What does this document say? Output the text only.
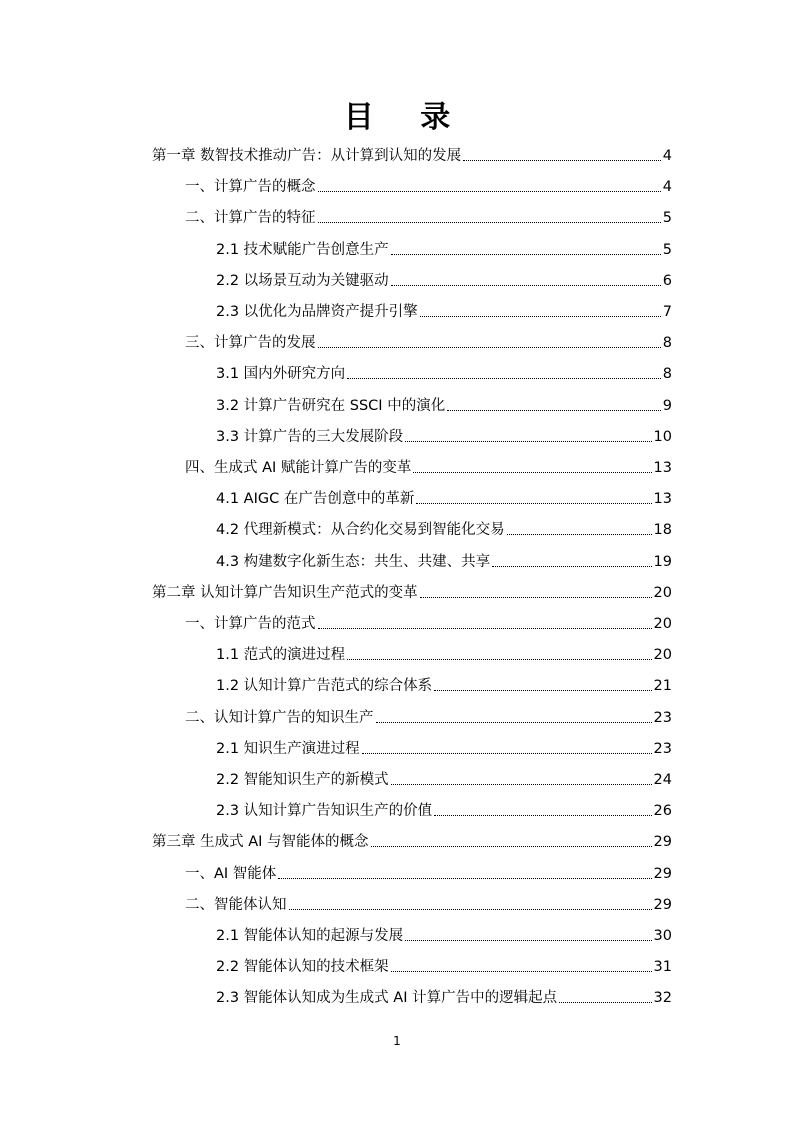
目 录
第一章 数智技术推动广告：从计算到认知的发展	4
一、计算广告的概念	4
二、计算广告的特征	5
2.1 技术赋能广告创意生产	5
2.2 以场景互动为关键驱动	6
2.3 以优化为品牌资产提升引擎	7
三、计算广告的发展	8
3.1 国内外研究方向	8
3.2 计算广告研究在 SSCI 中的演化	9
3.3 计算广告的三大发展阶段	10
四、生成式 AI 赋能计算广告的变革	13
4.1 AIGC 在广告创意中的革新	13
4.2 代理新模式：从合约化交易到智能化交易	18
4.3 构建数字化新生态：共生、共建、共享	19
第二章 认知计算广告知识生产范式的变革	20
一、计算广告的范式	20
1.1 范式的演进过程	20
1.2 认知计算广告范式的综合体系	21
二、认知计算广告的知识生产	23
2.1 知识生产演进过程	23
2.2 智能知识生产的新模式	24
2.3 认知计算广告知识生产的价值	26
第三章 生成式 AI 与智能体的概念	29
一、AI 智能体	29
二、智能体认知	29
2.1 智能体认知的起源与发展	30
2.2 智能体认知的技术框架	31
2.3 智能体认知成为生成式 AI 计算广告中的逻辑起点	32
1
